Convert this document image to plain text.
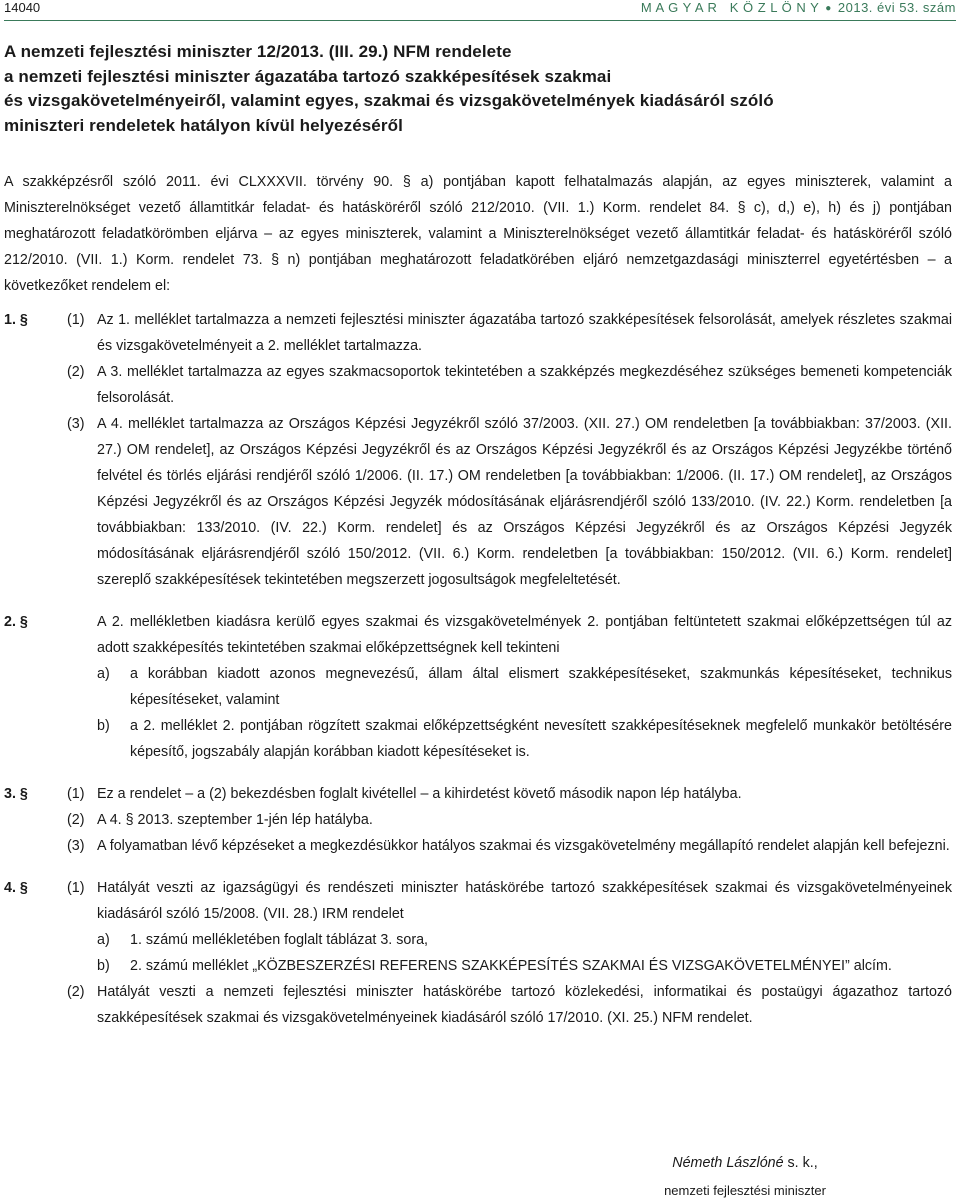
14040	M A G Y A R   K Ö Z L Ö N Y ● 2013. évi 53. szám
A nemzeti fejlesztési miniszter 12/2013. (III. 29.) NFM rendelete
a nemzeti fejlesztési miniszter ágazatába tartozó szakképesítések szakmai
és vizsgakövetelményeiről, valamint egyes, szakmai és vizsgakövetelmények kiadásáról szóló
miniszteri rendeletek hatályon kívül helyezéséről

A szakképzésről szóló 2011. évi CLXXXVII. törvény 90. § a) pontjában kapott felhatalmazás alapján, az egyes miniszterek, valamint a Miniszterelnökséget vezető államtitkár feladat- és hatásköréről szóló 212/2010. (VII. 1.) Korm. rendelet 84. § c), d,) e), h) és j) pontjában meghatározott feladatkörömben eljárva – az egyes miniszterek, valamint a Miniszterelnökséget vezető államtitkár feladat- és hatásköréről szóló 212/2010. (VII. 1.) Korm. rendelet 73. § n) pontjában meghatározott feladatkörében eljáró nemzetgazdasági miniszterrel egyetértésben – a következőket rendelem el:

1. §	(1) Az 1. melléklet tartalmazza a nemzeti fejlesztési miniszter ágazatába tartozó szakképesítések felsorolását, amelyek részletes szakmai és vizsgakövetelményeit a 2. melléklet tartalmazza.
(2) A 3. melléklet tartalmazza az egyes szakmacsoportok tekintetében a szakképzés megkezdéséhez szükséges bemeneti kompetenciák felsorolását.
(3) A 4. melléklet tartalmazza az Országos Képzési Jegyzékről szóló 37/2003. (XII. 27.) OM rendeletben [a továbbiakban: 37/2003. (XII. 27.) OM rendelet], az Országos Képzési Jegyzékről és az Országos Képzési Jegyzékről és az Országos Képzési Jegyzékbe történő felvétel és törlés eljárási rendjéről szóló 1/2006. (II. 17.) OM rendeletben [a továbbiakban: 1/2006. (II. 17.) OM rendelet], az Országos Képzési Jegyzékről és az Országos Képzési Jegyzék módosításának eljárásrendjéről szóló 133/2010. (IV. 22.) Korm. rendeletben [a továbbiakban: 133/2010. (IV. 22.) Korm. rendelet] és az Országos Képzési Jegyzékről és az Országos Képzési Jegyzék módosításának eljárásrendjéről szóló 150/2012. (VII. 6.) Korm. rendeletben [a továbbiakban: 150/2012. (VII. 6.) Korm. rendelet] szereplő szakképesítések tekintetében megszerzett jogosultságok megfeleltetését.
2. §	A 2. mellékletben kiadásra kerülő egyes szakmai és vizsgakövetelmények 2. pontjában feltüntetett szakmai előképzettségen túl az adott szakképesítés tekintetében szakmai előképzettségnek kell tekinteni
a) a korábban kiadott azonos megnevezésű, állam által elismert szakképesítéseket, szakmunkás képesítéseket, technikus képesítéseket, valamint
b) a 2. melléklet 2. pontjában rögzített szakmai előképzettségként nevesített szakképesítéseknek megfelelő munkakör betöltésére képesítő, jogszabály alapján korábban kiadott képesítéseket is.
3. §	(1) Ez a rendelet – a (2) bekezdésben foglalt kivétellel – a kihirdetést követő második napon lép hatályba.
(2) A 4. § 2013. szeptember 1-jén lép hatályba.
(3) A folyamatban lévő képzéseket a megkezdésükkor hatályos szakmai és vizsgakövetelmény megállapító rendelet alapján kell befejezni.
4. §	(1) Hatályát veszti az igazságügyi és rendészeti miniszter hatáskörébe tartozó szakképesítések szakmai és vizsgakövetelményeinek kiadásáról szóló 15/2008. (VII. 28.) IRM rendelet
a) 1. számú mellékletében foglalt táblázat 3. sora,
b) 2. számú melléklet „KÖZBESZERZÉSI REFERENS SZAKKÉPESÍTÉS SZAKMAI ÉS VIZSGAKÖVETELMÉNYEI” alcím.
(2) Hatályát veszti a nemzeti fejlesztési miniszter hatáskörébe tartozó közlekedési, informatikai és postaügyi ágazathoz tartozó szakképesítések szakmai és vizsgakövetelményeinek kiadásáról szóló 17/2010. (XI. 25.) NFM rendelet.
Németh Lászlóné s. k.,
nemzeti fejlesztési miniszter
